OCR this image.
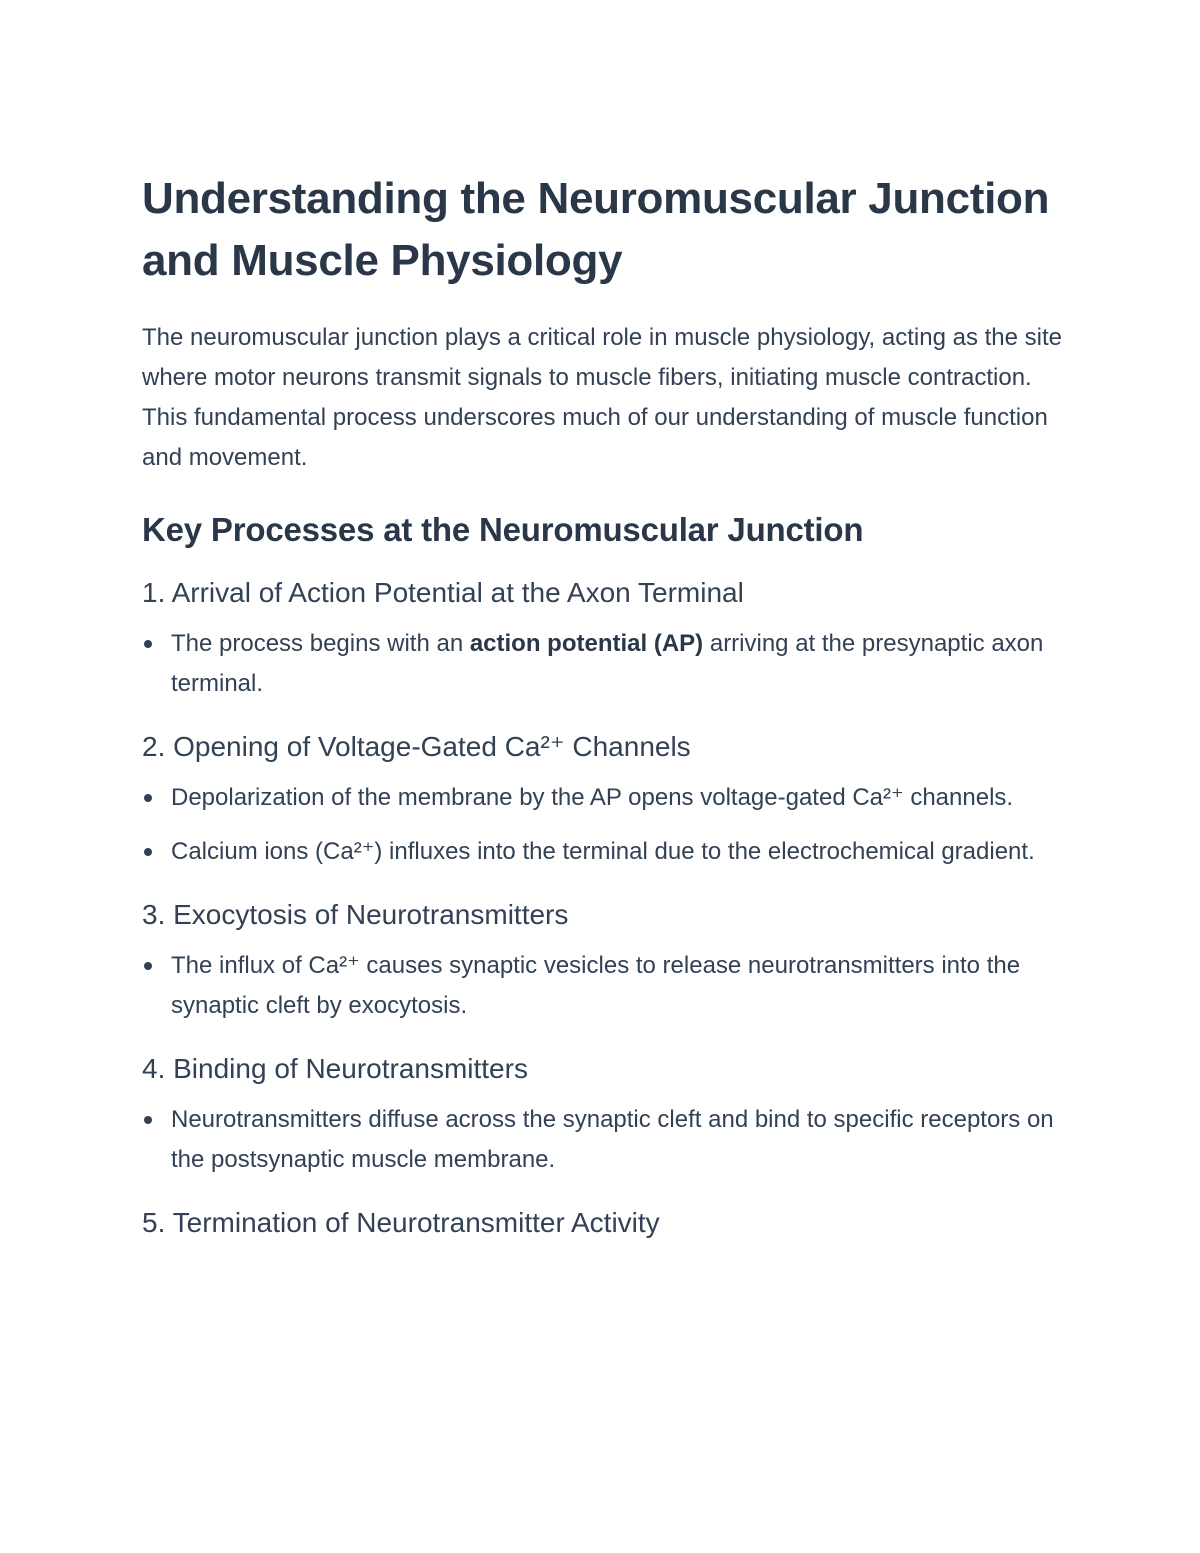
Understanding the Neuromuscular Junction and Muscle Physiology

The neuromuscular junction plays a critical role in muscle physiology, acting as the site where motor neurons transmit signals to muscle fibers, initiating muscle contraction. This fundamental process underscores much of our understanding of muscle function and movement.

Key Processes at the Neuromuscular Junction
1. Arrival of Action Potential at the Axon Terminal
The process begins with an action potential (AP) arriving at the presynaptic axon terminal.
2. Opening of Voltage-Gated Ca²⁺ Channels
Depolarization of the membrane by the AP opens voltage-gated Ca²⁺ channels.
Calcium ions (Ca²⁺) influxes into the terminal due to the electrochemical gradient.
3. Exocytosis of Neurotransmitters
The influx of Ca²⁺ causes synaptic vesicles to release neurotransmitters into the synaptic cleft by exocytosis.
4. Binding of Neurotransmitters
Neurotransmitters diffuse across the synaptic cleft and bind to specific receptors on the postsynaptic muscle membrane.
5. Termination of Neurotransmitter Activity
